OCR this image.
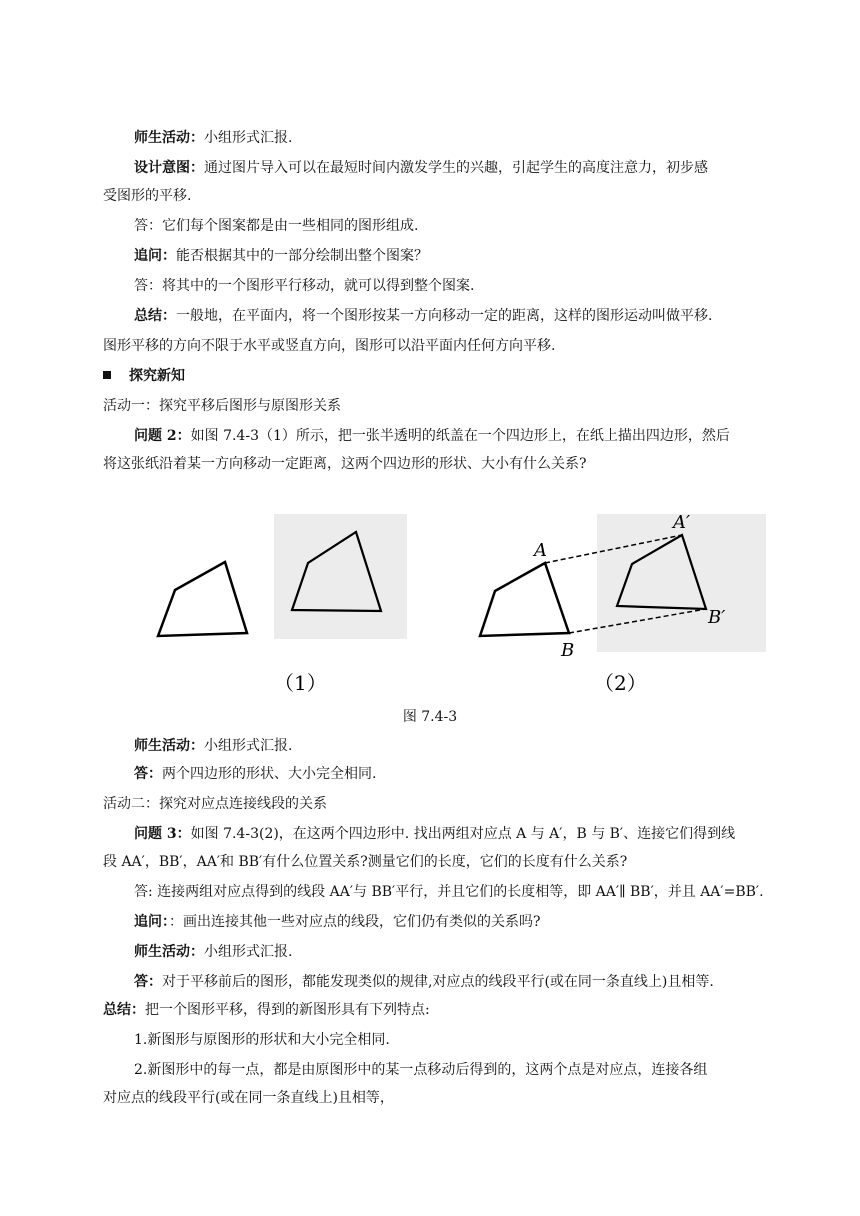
师生活动：小组形式汇报.
设计意图：通过图片导入可以在最短时间内激发学生的兴趣，引起学生的高度注意力，初步感
受图形的平移.
答：它们每个图案都是由一些相同的图形组成.
追问：能否根据其中的一部分绘制出整个图案？
答：将其中的一个图形平行移动，就可以得到整个图案.
总结：一般地，在平面内，将一个图形按某一方向移动一定的距离，这样的图形运动叫做平移.
图形平移的方向不限于水平或竖直方向，图形可以沿平面内任何方向平移.
探究新知
活动一：探究平移后图形与原图形关系
问题 2：如图 7.4-3（1）所示，把一张半透明的纸盖在一个四边形上，在纸上描出四边形，然后
将这张纸沿着某一方向移动一定距离，这两个四边形的形状、大小有什么关系?
（1）
A
A′
B
B′
（2）
图 7.4-3
师生活动：小组形式汇报.
答：两个四边形的形状、大小完全相同.
活动二：探究对应点连接线段的关系
问题 3：如图 7.4-3(2)，在这两个四边形中. 找出两组对应点 A 与 A′，B 与 B′、连接它们得到线
段 AA′，BB′，AA′和 BB′有什么位置关系?测量它们的长度，它们的长度有什么关系?
答: 连接两组对应点得到的线段 AA′与 BB′平行，并且它们的长度相等，即 AA′∥ BB′，并且 AA′=BB′.
追问：：画出连接其他一些对应点的线段，它们仍有类似的关系吗?
师生活动：小组形式汇报.
答：对于平移前后的图形，都能发现类似的规律,对应点的线段平行(或在同一条直线上)且相等.
总结：把一个图形平移，得到的新图形具有下列特点:
1.新图形与原图形的形状和大小完全相同.
2.新图形中的每一点，都是由原图形中的某一点移动后得到的，这两个点是对应点，连接各组
对应点的线段平行(或在同一条直线上)且相等，
